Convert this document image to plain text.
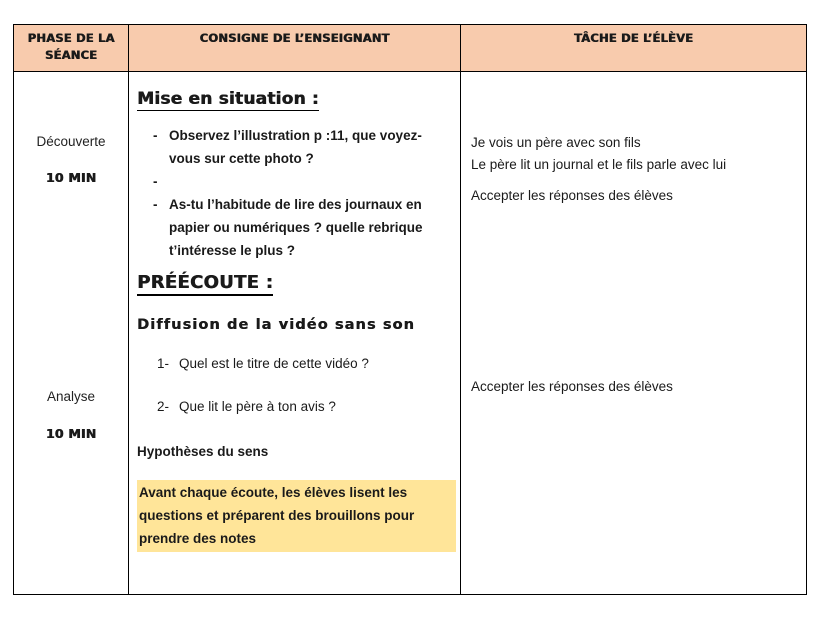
PHASE DE LA SÉANCE
CONSIGNE DE L’ENSEIGNANT	TÂCHE DE L’ÉLÈVE
Découverte
10 MIN
Analyse
10 MIN
Mise en situation :
- Observez l’illustration p :11, que voyez-vous sur cette photo ?
-
- As-tu l’habitude de lire des journaux en papier ou numériques ? quelle rebrique t’intéresse le plus ?
PRÉÉCOUTE :
Diffusion de la vidéo sans son
1- Quel est le titre de cette vidéo ?
2- Que lit le père à ton avis ?
Hypothèses du sens
Avant chaque écoute, les élèves lisent les questions et préparent des brouillons pour prendre des notes
Je vois un père avec son fils
Le père lit un journal et le fils parle avec lui
Accepter les réponses des élèves
Accepter les réponses des élèves
